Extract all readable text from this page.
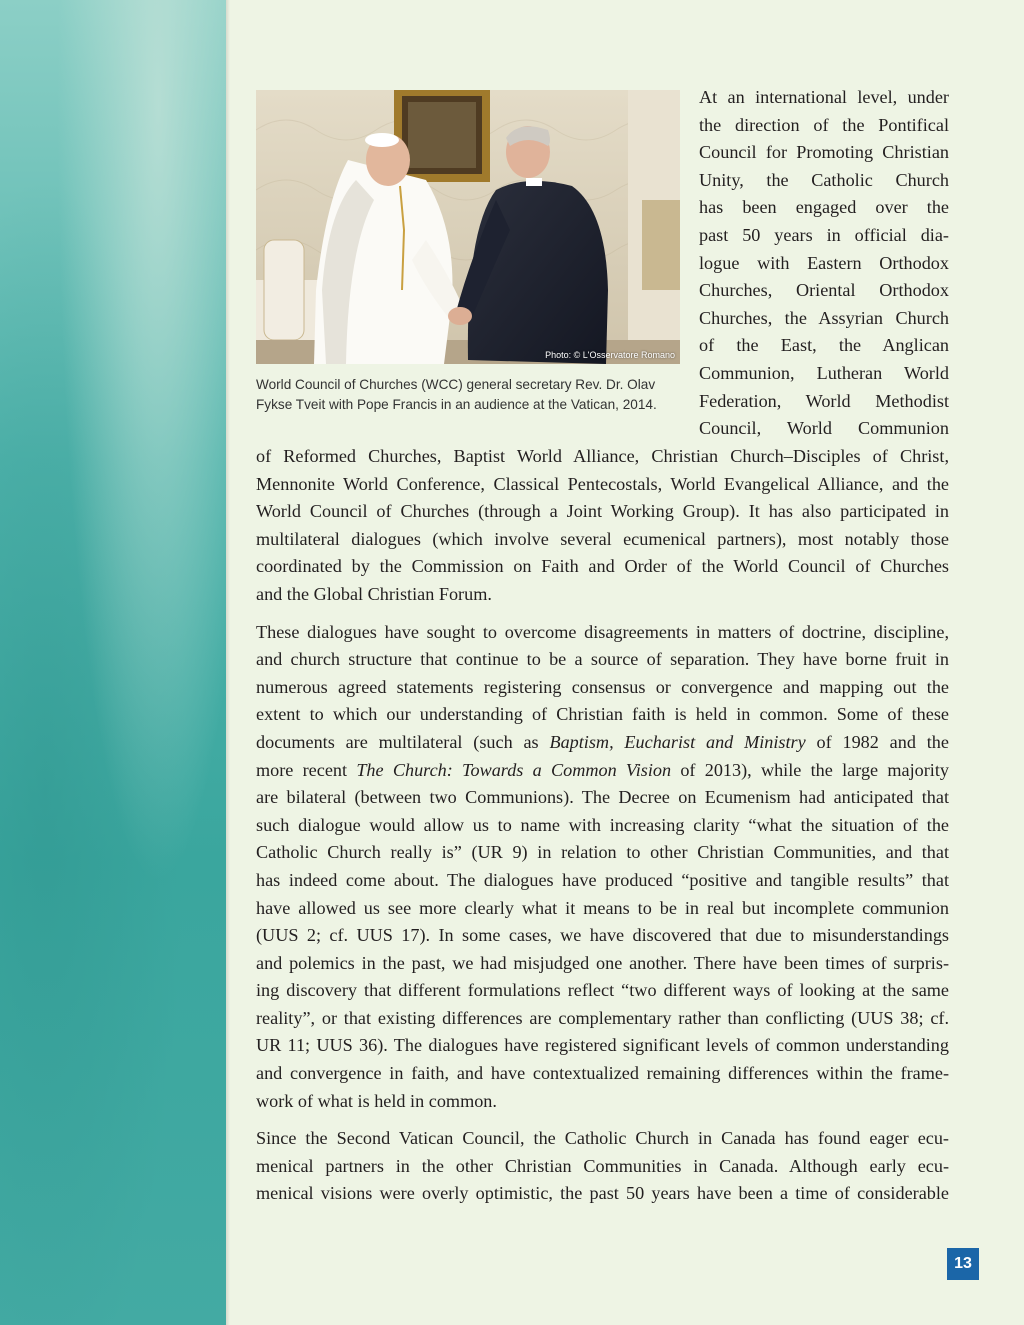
Photo: © L'Osservatore Romano
World Council of Churches (WCC) general secretary Rev. Dr. Olav
Fykse Tveit with Pope Francis in an audience at the Vatican, 2014.
At an international level, under
the direction of the Pontifical
Council for Promoting Christian
Unity, the Catholic Church
has been engaged over the
past 50 years in official dia-
logue with Eastern Orthodox
Churches, Oriental Orthodox
Churches, the Assyrian Church
of the East, the Anglican
Communion, Lutheran World
Federation, World Methodist
Council, World Communion
of Reformed Churches, Baptist World Alliance, Christian Church–Disciples of Christ,
Mennonite World Conference, Classical Pentecostals, World Evangelical Alliance, and the
World Council of Churches (through a Joint Working Group). It has also participated in
multilateral dialogues (which involve several ecumenical partners), most notably those
coordinated by the Commission on Faith and Order of the World Council of Churches
and the Global Christian Forum.
These dialogues have sought to overcome disagreements in matters of doctrine, discipline,
and church structure that continue to be a source of separation. They have borne fruit in
numerous agreed statements registering consensus or convergence and mapping out the
extent to which our understanding of Christian faith is held in common. Some of these
documents are multilateral (such as Baptism, Eucharist and Ministry of 1982 and the
more recent The Church: Towards a Common Vision of 2013), while the large majority
are bilateral (between two Communions). The Decree on Ecumenism had anticipated that
such dialogue would allow us to name with increasing clarity “what the situation of the
Catholic Church really is” (UR 9) in relation to other Christian Communities, and that
has indeed come about. The dialogues have produced “positive and tangible results” that
have allowed us see more clearly what it means to be in real but incomplete communion
(UUS 2; cf. UUS 17). In some cases, we have discovered that due to misunderstandings
and polemics in the past, we had misjudged one another. There have been times of surpris-
ing discovery that different formulations reflect “two different ways of looking at the same
reality”, or that existing differences are complementary rather than conflicting (UUS 38; cf.
UR 11; UUS 36). The dialogues have registered significant levels of common understanding
and convergence in faith, and have contextualized remaining differences within the frame-
work of what is held in common.
Since the Second Vatican Council, the Catholic Church in Canada has found eager ecu-
menical partners in the other Christian Communities in Canada. Although early ecu-
menical visions were overly optimistic, the past 50 years have been a time of considerable
13
